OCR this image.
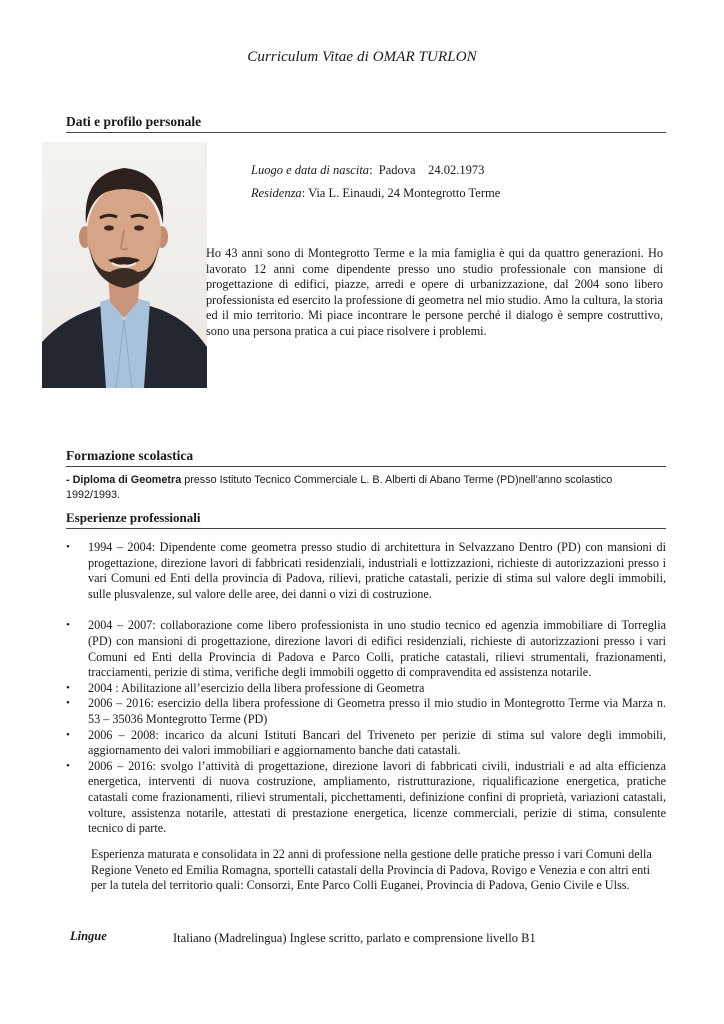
Curriculum Vitae di OMAR TURLON
Dati e profilo personale
Luogo e data di nascita:  Padova 24.02.1973
Residenza: Via L. Einaudi, 24 Montegrotto Terme
Ho 43 anni sono di Montegrotto Terme e la mia famiglia è qui da quattro generazioni. Ho lavorato 12 anni come dipendente presso uno studio professionale con mansione di progettazione di edifici, piazze, arredi e opere di urbanizzazione, dal 2004 sono libero professionista ed esercito la professione di geometra nel mio studio. Amo la cultura, la storia ed il mio territorio. Mi piace incontrare le persone perché il dialogo è sempre costruttivo, sono una persona pratica a cui piace risolvere i problemi.
Formazione scolastica
- Diploma di Geometra presso Istituto Tecnico Commerciale L. B. Alberti di Abano Terme (PD)nell’anno scolastico 1992/1993.
Esperienze professionali
• 1994 – 2004: Dipendente come geometra presso studio di architettura in Selvazzano Dentro (PD) con mansioni di progettazione, direzione lavori di fabbricati residenziali, industriali e lottizzazioni, richieste di autorizzazioni presso i vari Comuni ed Enti della provincia di Padova, rilievi, pratiche catastali, perizie di stima sul valore degli immobili, sulle plusvalenze, sul valore delle aree, dei danni o vizi di costruzione.
• 2004 – 2007: collaborazione come libero professionista in uno studio tecnico ed agenzia immobiliare di Torreglia (PD) con mansioni di progettazione, direzione lavori di edifici residenziali, richieste di autorizzazioni presso i vari Comuni ed Enti della Provincia di Padova e Parco Colli, pratiche catastali, rilievi strumentali, frazionamenti, tracciamenti, perizie di stima, verifiche degli immobili oggetto di compravendita ed assistenza notarile.
• 2004 : Abilitazione all’esercizio della libera professione di Geometra
• 2006 – 2016: esercizio della libera professione di Geometra presso il mio studio in Montegrotto Terme via Marza n. 53 – 35036 Montegrotto Terme (PD)
• 2006 – 2008: incarico da alcuni Istituti Bancari del Triveneto per perizie di stima sul valore degli immobili, aggiornamento dei valori immobiliari e aggiornamento banche dati catastali.
• 2006 – 2016: svolgo l’attività di progettazione, direzione lavori di fabbricati civili, industriali e ad alta efficienza energetica, interventi di nuova costruzione, ampliamento, ristrutturazione, riqualificazione energetica, pratiche catastali come frazionamenti, rilievi strumentali, picchettamenti, definizione confini di proprietà, variazioni catastali, volture, assistenza notarile, attestati di prestazione energetica, licenze commerciali, perizie di stima, consulente tecnico di parte.
Esperienza maturata e consolidata in 22 anni di professione nella gestione delle pratiche presso i vari Comuni della Regione Veneto ed Emilia Romagna, sportelli catastali della Provincia di Padova, Rovigo e Venezia e con altri enti per la tutela del territorio quali: Consorzi, Ente Parco Colli Euganei, Provincia di Padova, Genio Civile e Ulss.
Lingue	Italiano (Madrelingua) Inglese scritto, parlato e comprensione livello B1
